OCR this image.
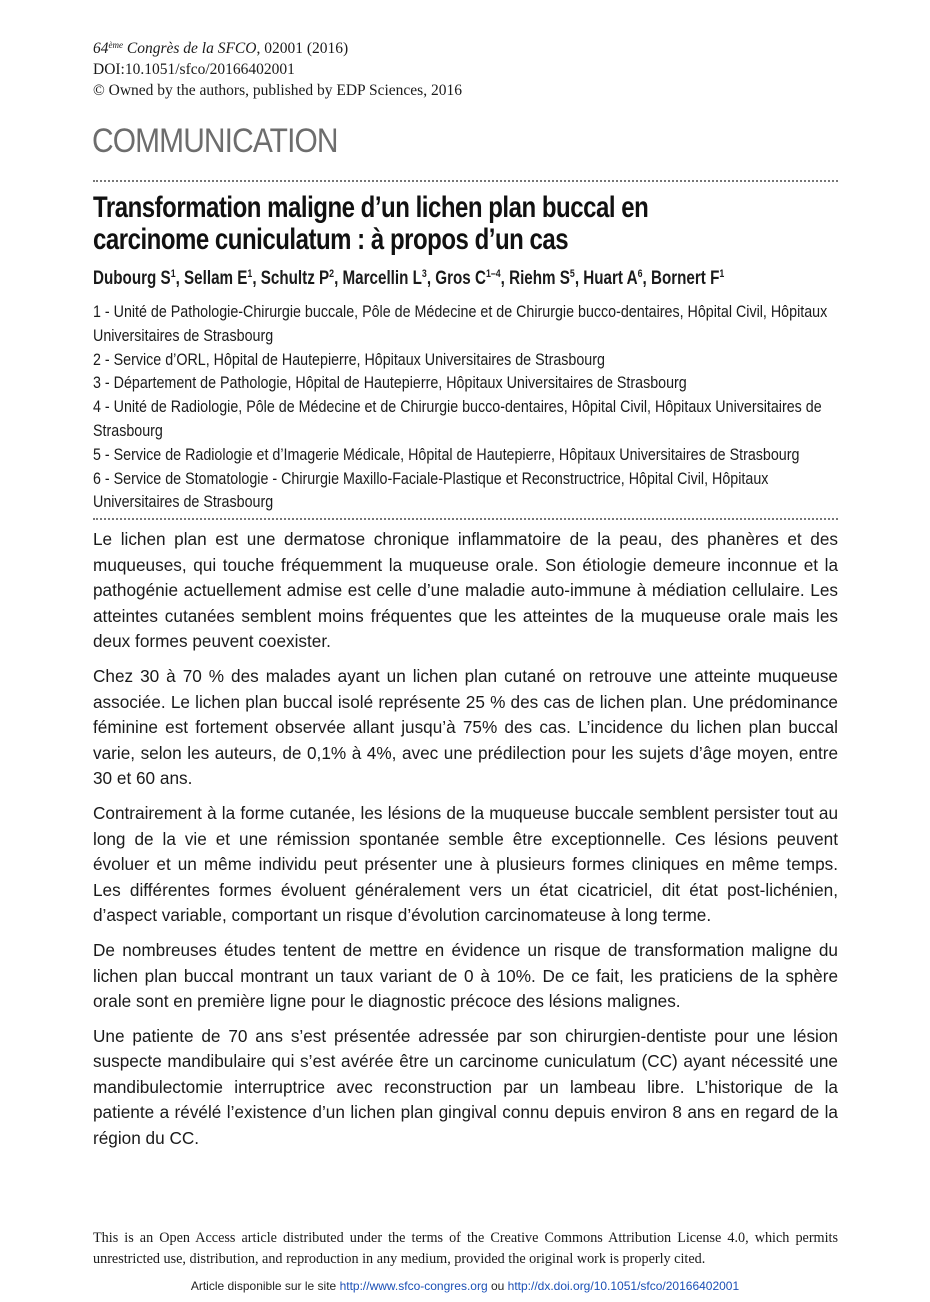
64ème Congrès de la SFCO, 02001 (2016)
DOI:10.1051/sfco/20166402001
© Owned by the authors, published by EDP Sciences, 2016
COMMUNICATION
Transformation maligne d’un lichen plan buccal en
carcinome cuniculatum : à propos d’un cas
Dubourg $S^1$, Sellam $E^1$, Schultz $P^2$, Marcellin $L^3$, Gros $C^{1-4}$, Riehm $S^5$, Huart $A^6$, Bornert $F^1$
1 - Unité de Pathologie-Chirurgie buccale, Pôle de Médecine et de Chirurgie bucco-dentaires, Hôpital Civil, Hôpitaux Universitaires de Strasbourg
2 - Service d’ORL, Hôpital de Hautepierre, Hôpitaux Universitaires de Strasbourg
3 - Département de Pathologie, Hôpital de Hautepierre, Hôpitaux Universitaires de Strasbourg
4 - Unité de Radiologie, Pôle de Médecine et de Chirurgie bucco-dentaires, Hôpital Civil, Hôpitaux Universitaires de Strasbourg
5 - Service de Radiologie et d’Imagerie Médicale, Hôpital de Hautepierre, Hôpitaux Universitaires de Strasbourg
6 - Service de Stomatologie - Chirurgie Maxillo-Faciale-Plastique et Reconstructrice, Hôpital Civil, Hôpitaux Universitaires de Strasbourg

Le lichen plan est une dermatose chronique inflammatoire de la peau, des phanères et des muqueuses, qui touche fréquemment la muqueuse orale. Son étiologie demeure inconnue et la pathogénie actuellement admise est celle d’une maladie auto-immune à médiation cellulaire. Les atteintes cutanées semblent moins fréquentes que les atteintes de la muqueuse orale mais les deux formes peuvent coexister.

Chez 30 à 70 % des malades ayant un lichen plan cutané on retrouve une atteinte muqueuse associée. Le lichen plan buccal isolé représente 25 % des cas de lichen plan. Une prédominance féminine est fortement observée allant jusqu’à 75% des cas. L’incidence du lichen plan buccal varie, selon les auteurs, de 0,1% à 4%, avec une prédilection pour les sujets d’âge moyen, entre 30 et 60 ans.

Contrairement à la forme cutanée, les lésions de la muqueuse buccale semblent persister tout au long de la vie et une rémission spontanée semble être exceptionnelle. Ces lésions peuvent évoluer et un même individu peut présenter une à plusieurs formes cliniques en même temps. Les différentes formes évoluent généralement vers un état cicatriciel, dit état post-lichénien, d’aspect variable, comportant un risque d’évolution carcinomateuse à long terme.

De nombreuses études tentent de mettre en évidence un risque de transformation maligne du lichen plan buccal montrant un taux variant de 0 à 10%. De ce fait, les praticiens de la sphère orale sont en première ligne pour le diagnostic précoce des lésions malignes.

Une patiente de 70 ans s’est présentée adressée par son chirurgien-dentiste pour une lésion suspecte mandibulaire qui s’est avérée être un carcinome cuniculatum (CC) ayant nécessité une mandibulectomie interruptrice avec reconstruction par un lambeau libre. L’historique de la patiente a révélé l’existence d’un lichen plan gingival connu depuis environ 8 ans en regard de la région du CC.

This is an Open Access article distributed under the terms of the Creative Commons Attribution License 4.0, which permits unrestricted use, distribution, and reproduction in any medium, provided the original work is properly cited.
Article disponible sur le site http://www.sfco-congres.org ou http://dx.doi.org/10.1051/sfco/20166402001
